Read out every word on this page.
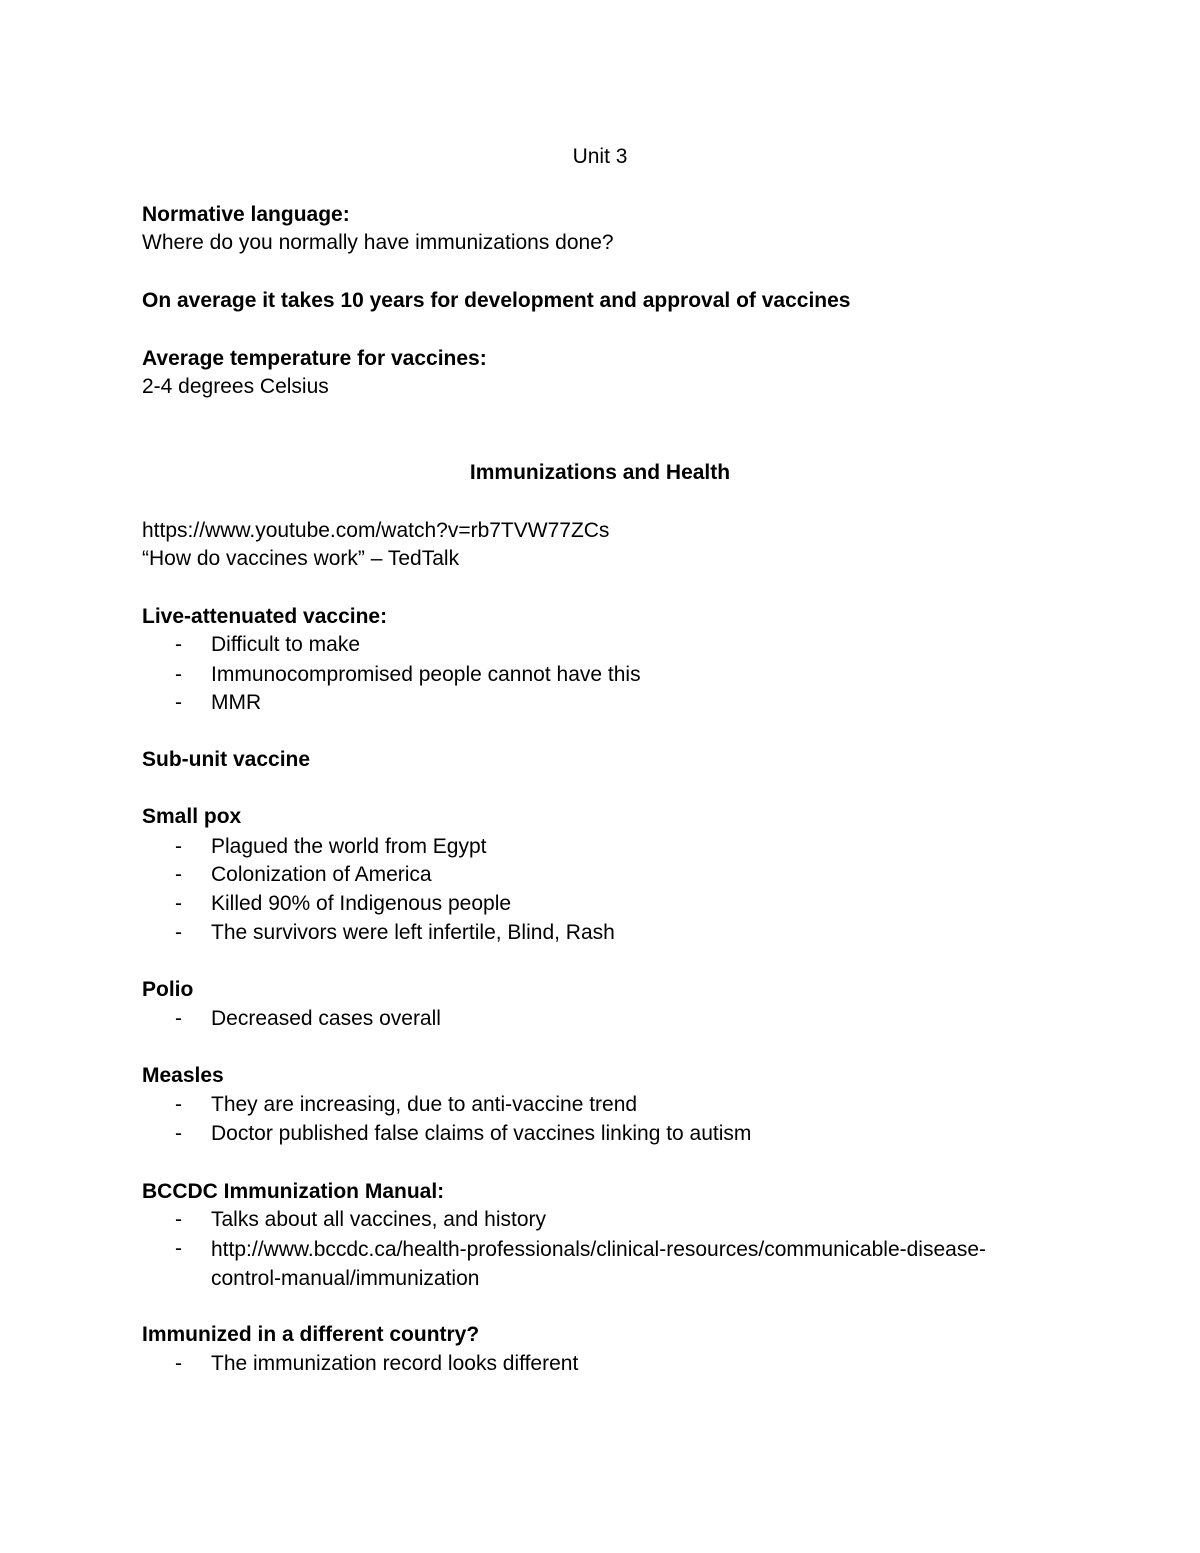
Unit 3
Normative language:
Where do you normally have immunizations done?
On average it takes 10 years for development and approval of vaccines
Average temperature for vaccines:
2-4 degrees Celsius
Immunizations and Health
https://www.youtube.com/watch?v=rb7TVW77ZCs
“How do vaccines work” – TedTalk
Live-attenuated vaccine:
- Difficult to make
- Immunocompromised people cannot have this
- MMR
Sub-unit vaccine
Small pox
- Plagued the world from Egypt
- Colonization of America
- Killed 90% of Indigenous people
- The survivors were left infertile, Blind, Rash
Polio
- Decreased cases overall
Measles
- They are increasing, due to anti-vaccine trend
- Doctor published false claims of vaccines linking to autism
BCCDC Immunization Manual:
- Talks about all vaccines, and history
- http://www.bccdc.ca/health-professionals/clinical-resources/communicable-disease-control-manual/immunization
Immunized in a different country?
- The immunization record looks different
